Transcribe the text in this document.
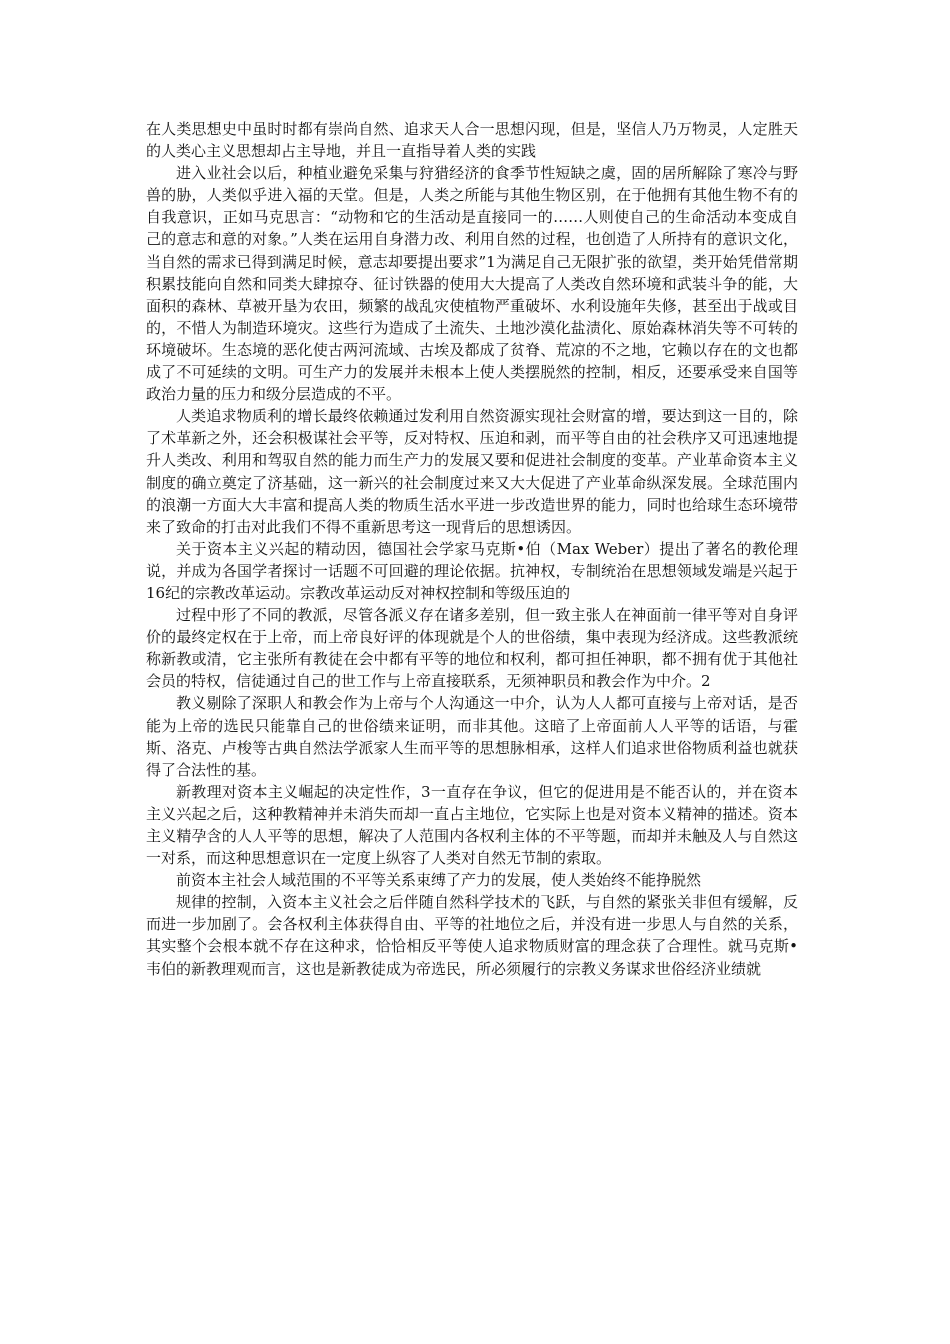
在人类思想史中虽时时都有崇尚自然、追求天人合一思想闪现，但是，坚信人乃万物灵，人定胜天的人类心主义思想却占主导地，并且一直指导着人类的实践

进入业社会以后，种植业避免采集与狩猎经济的食季节性短缺之虞，固的居所解除了寒冷与野兽的胁，人类似乎进入福的天堂。但是，人类之所能与其他生物区别，在于他拥有其他生物不有的自我意识，正如马克思言：“动物和它的生活动是直接同一的……人则使自己的生命活动本变成自己的意志和意的对象。”人类在运用自身潜力改、利用自然的过程，也创造了人所持有的意识文化，当自然的需求已得到满足时候，意志却要提出要求”1为满足自己无限扩张的欲望，类开始凭借常期积累技能向自然和同类大肆掠夺、征讨铁器的使用大大提高了人类改自然环境和武装斗争的能，大面积的森林、草被开垦为农田，频繁的战乱灾使植物严重破坏、水利设施年失修，甚至出于战或目的，不惜人为制造环境灾。这些行为造成了土流失、土地沙漠化盐渍化、原始森林消失等不可转的环境破坏。生态境的恶化使古两河流域、古埃及都成了贫脊、荒凉的不之地，它赖以存在的文也都成了不可延续的文明。可生产力的发展并未根本上使人类摆脱然的控制，相反，还要承受来自国等政治力量的压力和级分层造成的不平。

人类追求物质利的增长最终依赖通过发利用自然资源实现社会财富的增，要达到这一目的，除了术革新之外，还会积极谋社会平等，反对特权、压迫和剥，而平等自由的社会秩序又可迅速地提升人类改、利用和驾驭自然的能力而生产力的发展又要和促进社会制度的变革。产业革命资本主义制度的确立奠定了济基础，这一新兴的社会制度过来又大大促进了产业革命纵深发展。全球范围内的浪潮一方面大大丰富和提高人类的物质生活水平进一步改造世界的能力，同时也给球生态环境带来了致命的打击对此我们不得不重新思考这一现背后的思想诱因。

关于资本主义兴起的精动因，德国社会学家马克斯•伯（Max Weber）提出了著名的教伦理说，并成为各国学者探讨一话题不可回避的理论依据。抗神权，专制统治在思想领域发端是兴起于16纪的宗教改革运动。宗教改革运动反对神权控制和等级压迫的

过程中形了不同的教派，尽管各派义存在诸多差别，但一致主张人在神面前一律平等对自身评价的最终定权在于上帝，而上帝良好评的体现就是个人的世俗绩，集中表现为经济成。这些教派统称新教或清，它主张所有教徒在会中都有平等的地位和权利，都可担任神职，都不拥有优于其他社会员的特权，信徒通过自己的世工作与上帝直接联系，无须神职员和教会作为中介。2

教义剔除了深职人和教会作为上帝与个人沟通这一中介，认为人人都可直接与上帝对话，是否能为上帝的选民只能靠自己的世俗绩来证明，而非其他。这暗了上帝面前人人平等的话语，与霍斯、洛克、卢梭等古典自然法学派家人生而平等的思想脉相承，这样人们追求世俗物质利益也就获得了合法性的基。

新教理对资本主义崛起的决定性作，3一直存在争议，但它的促进用是不能否认的，并在资本主义兴起之后，这种教精神并未消失而却一直占主地位，它实际上也是对资本义精神的描述。资本主义精孕含的人人平等的思想，解决了人范围内各权利主体的不平等题，而却并未触及人与自然这一对系，而这种思想意识在一定度上纵容了人类对自然无节制的索取。

前资本主社会人域范围的不平等关系束缚了产力的发展，使人类始终不能挣脱然

规律的控制，入资本主义社会之后伴随自然科学技术的飞跃，与自然的紧张关非但有缓解，反而进一步加剧了。会各权利主体获得自由、平等的社地位之后，并没有进一步思人与自然的关系，其实整个会根本就不存在这种求，恰恰相反平等使人追求物质财富的理念获了合理性。就马克斯•韦伯的新教理观而言，这也是新教徒成为帝选民，所必须履行的宗教义务谋求世俗经济业绩就
